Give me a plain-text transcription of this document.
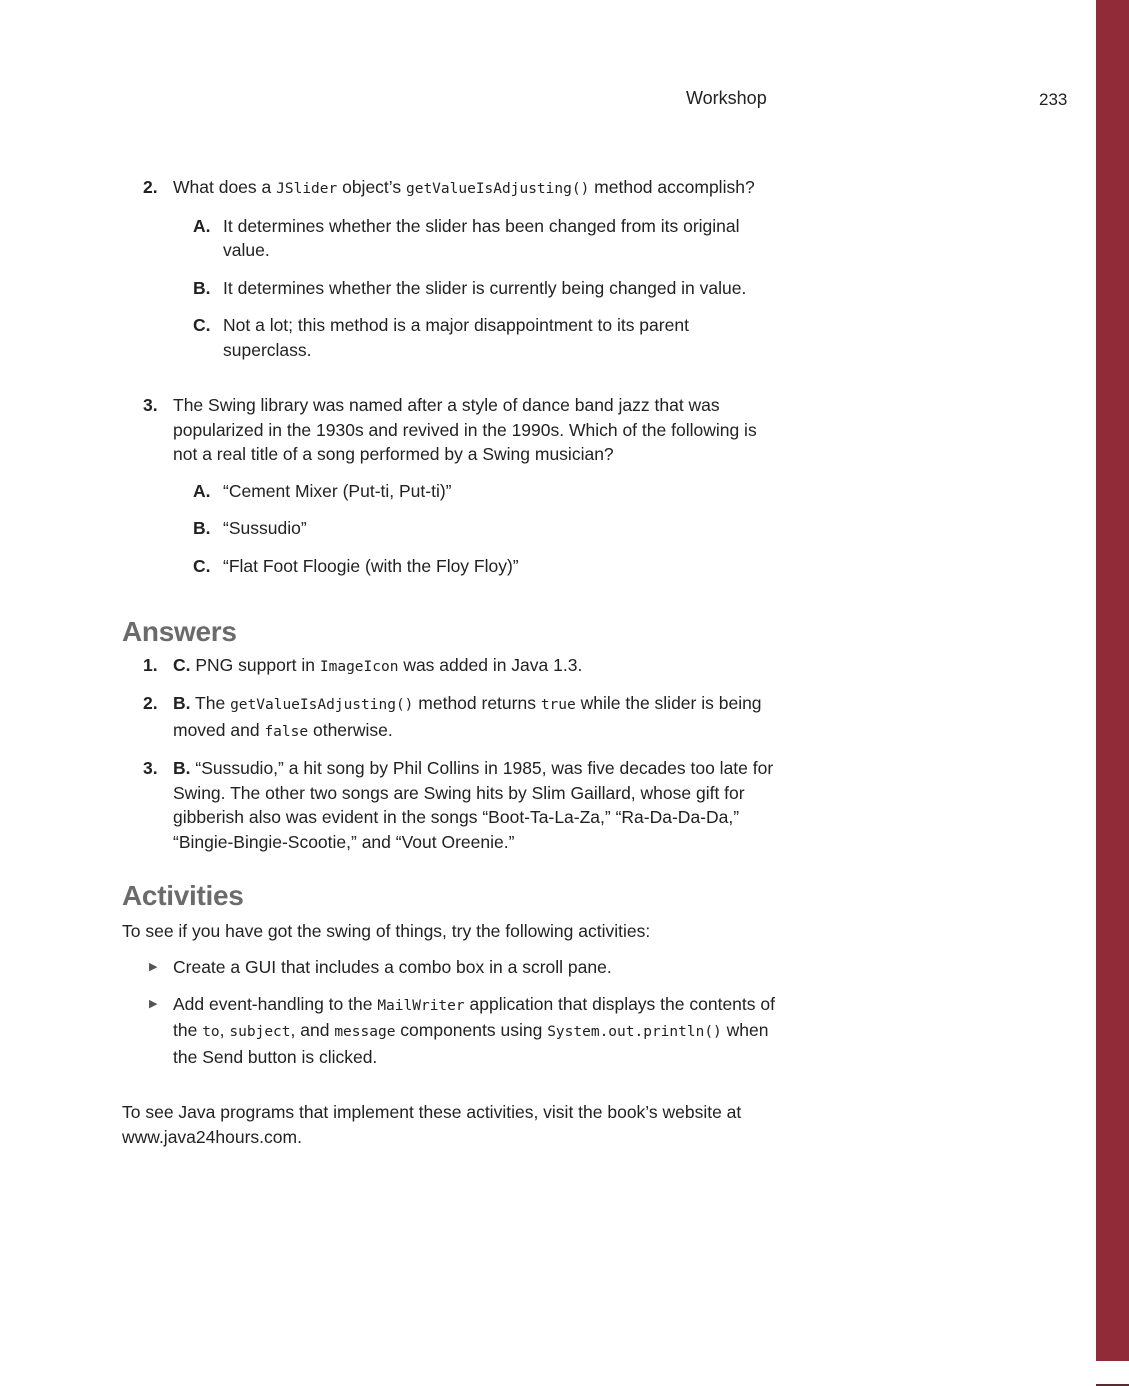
Workshop	233
2. What does a JSlider object’s getValueIsAdjusting() method accomplish?
A. It determines whether the slider has been changed from its original value.
B. It determines whether the slider is currently being changed in value.
C. Not a lot; this method is a major disappointment to its parent superclass.
3. The Swing library was named after a style of dance band jazz that was popularized in the 1930s and revived in the 1990s. Which of the following is not a real title of a song performed by a Swing musician?
A. “Cement Mixer (Put-ti, Put-ti)”
B. “Sussudio”
C. “Flat Foot Floogie (with the Floy Floy)”
Answers
1. C. PNG support in ImageIcon was added in Java 1.3.
2. B. The getValueIsAdjusting() method returns true while the slider is being moved and false otherwise.
3. B. “Sussudio,” a hit song by Phil Collins in 1985, was five decades too late for Swing. The other two songs are Swing hits by Slim Gaillard, whose gift for gibberish also was evident in the songs “Boot-Ta-La-Za,” “Ra-Da-Da-Da,” “Bingie-Bingie-Scootie,” and “Vout Oreenie.”
Activities

To see if you have got the swing of things, try the following activities:

▶ Create a GUI that includes a combo box in a scroll pane.
▶ Add event-handling to the MailWriter application that displays the contents of the to, subject, and message components using System.out.println() when the Send button is clicked.

To see Java programs that implement these activities, visit the book’s website at www.java24hours.com.
